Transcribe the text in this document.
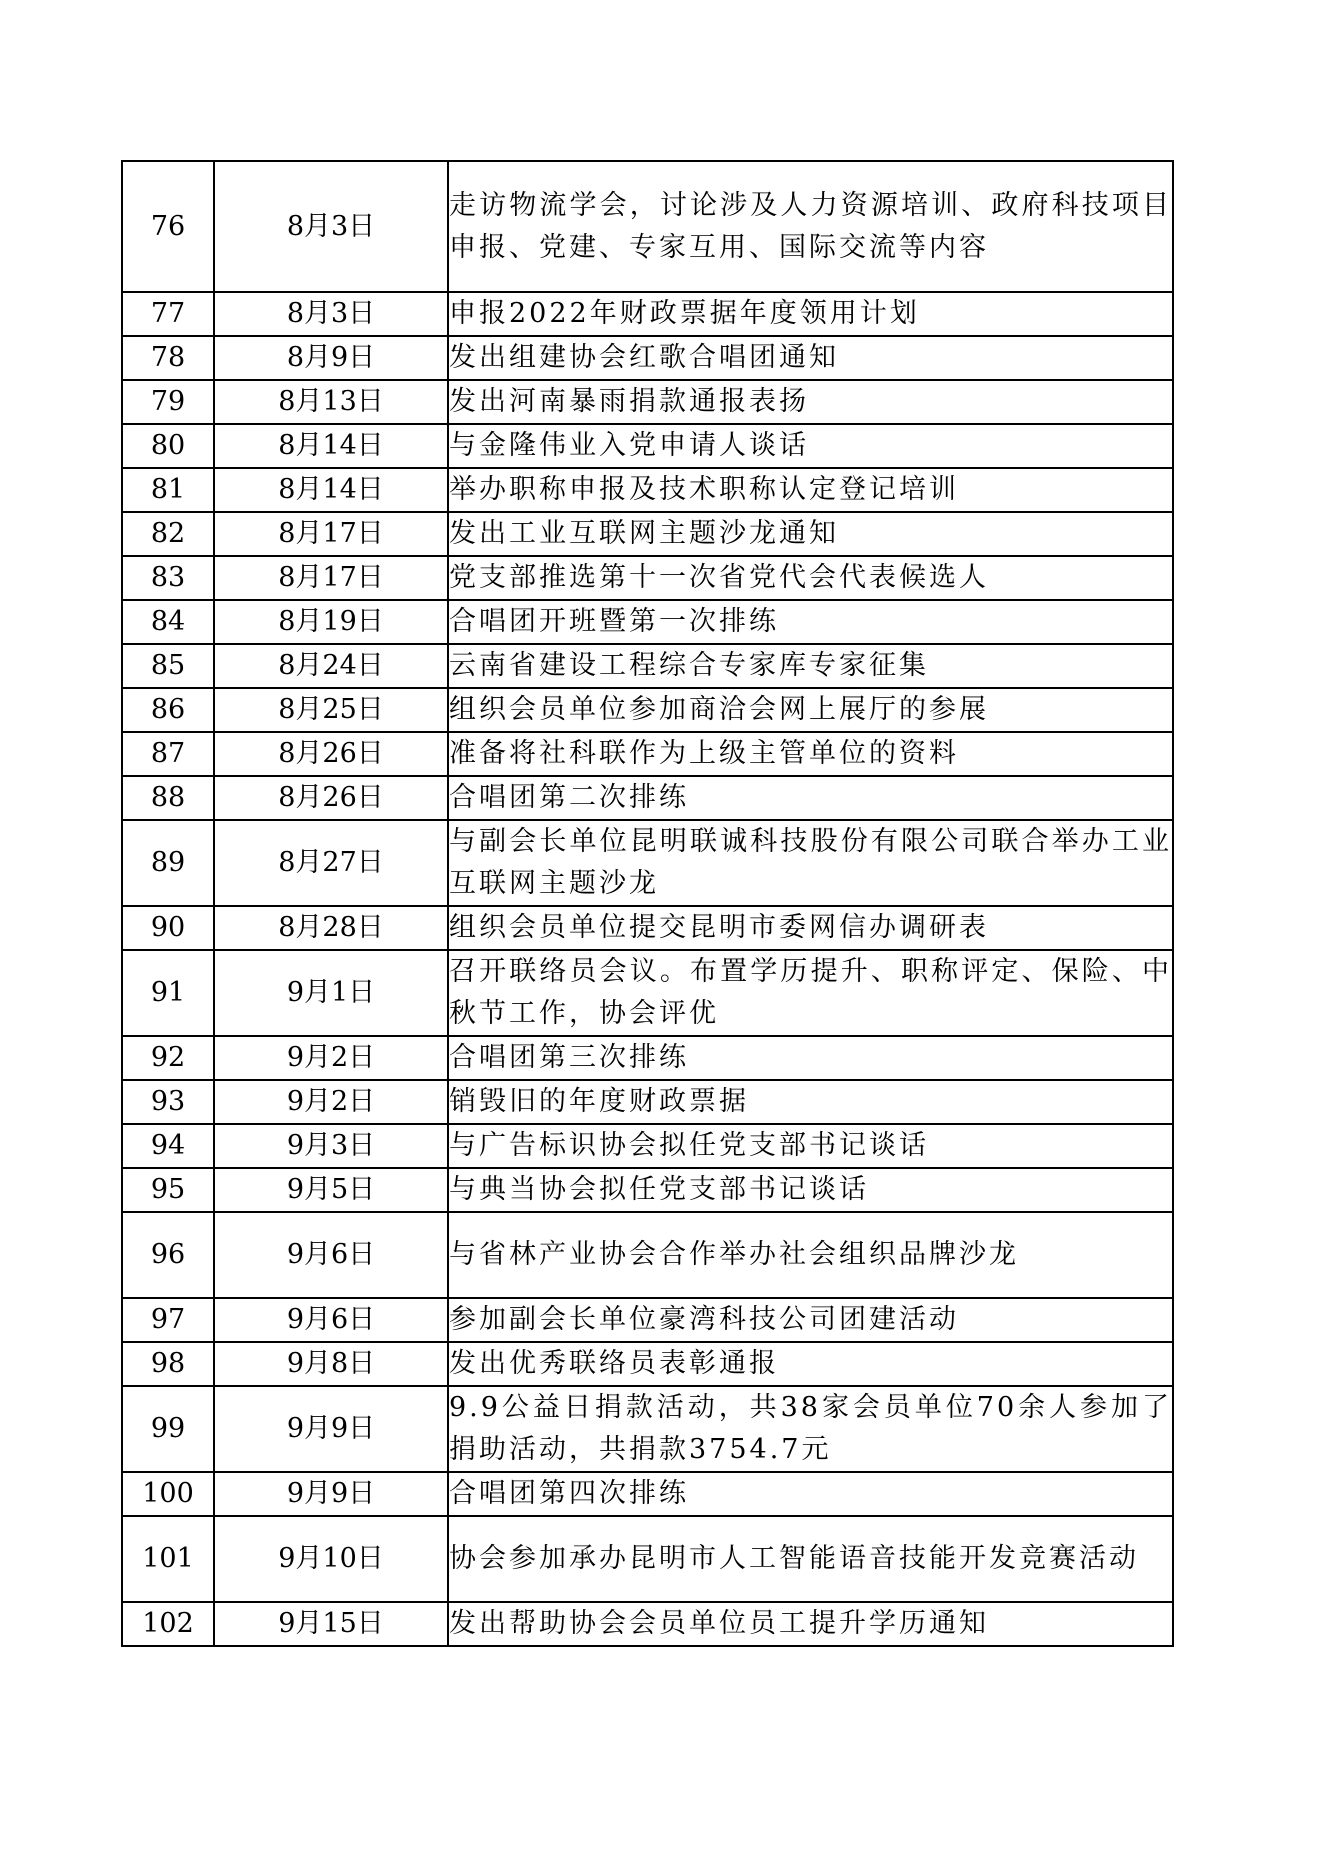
76	8月3日	走访物流学会，讨论涉及人力资源培训、政府科技项目申报、党建、专家互用、国际交流等内容
77	8月3日	申报2022年财政票据年度领用计划
78	8月9日	发出组建协会红歌合唱团通知
79	8月13日	发出河南暴雨捐款通报表扬
80	8月14日	与金隆伟业入党申请人谈话
81	8月14日	举办职称申报及技术职称认定登记培训
82	8月17日	发出工业互联网主题沙龙通知
83	8月17日	党支部推选第十一次省党代会代表候选人
84	8月19日	合唱团开班暨第一次排练
85	8月24日	云南省建设工程综合专家库专家征集
86	8月25日	组织会员单位参加商洽会网上展厅的参展
87	8月26日	准备将社科联作为上级主管单位的资料
88	8月26日	合唱团第二次排练
89	8月27日	与副会长单位昆明联诚科技股份有限公司联合举办工业互联网主题沙龙
90	8月28日	组织会员单位提交昆明市委网信办调研表
91	9月1日	召开联络员会议。布置学历提升、职称评定、保险、中秋节工作，协会评优
92	9月2日	合唱团第三次排练
93	9月2日	销毁旧的年度财政票据
94	9月3日	与广告标识协会拟任党支部书记谈话
95	9月5日	与典当协会拟任党支部书记谈话
96	9月6日	与省林产业协会合作举办社会组织品牌沙龙
97	9月6日	参加副会长单位豪湾科技公司团建活动
98	9月8日	发出优秀联络员表彰通报
99	9月9日	9.9公益日捐款活动，共38家会员单位70余人参加了捐助活动，共捐款3754.7元
100	9月9日	合唱团第四次排练
101	9月10日	协会参加承办昆明市人工智能语音技能开发竞赛活动
102	9月15日	发出帮助协会会员单位员工提升学历通知
